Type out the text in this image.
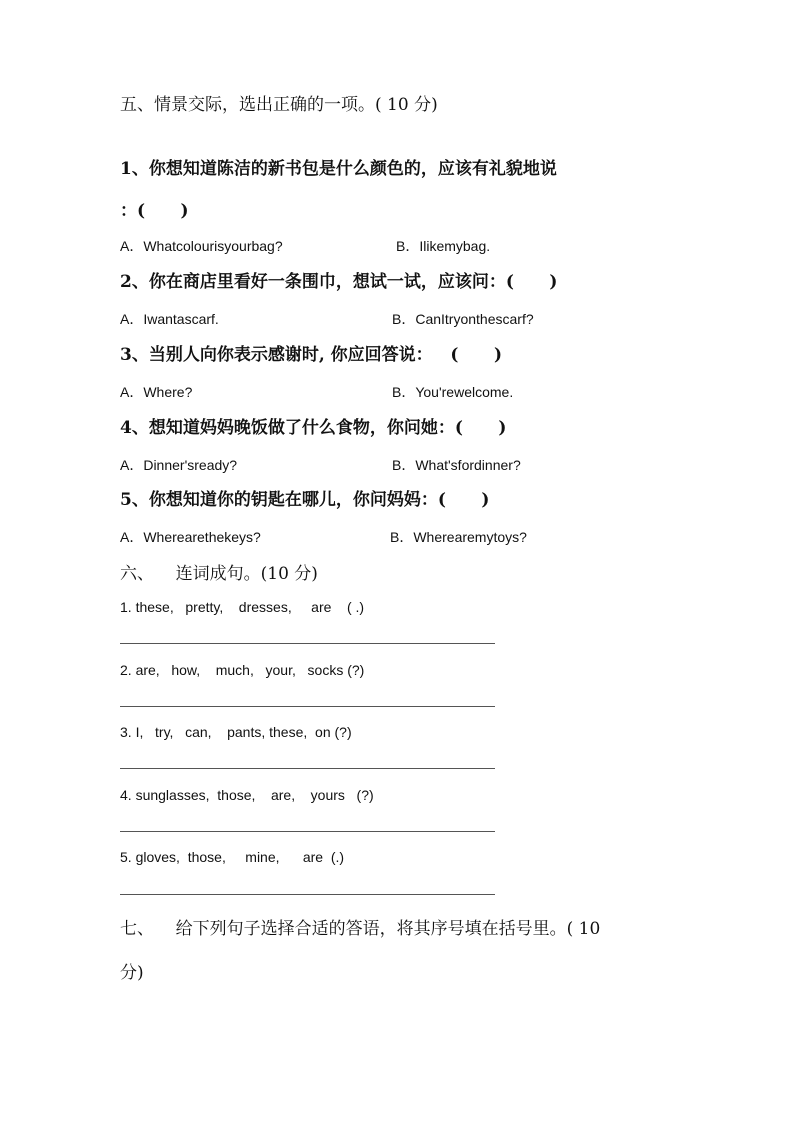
五、情景交际，选出正确的一项。( 10 分)
1、你想知道陈洁的新书包是什么颜色的，应该有礼貌地说
：(      )
A．Whatcolourisyourbag?	B．Ilikemybag.
2、你在商店里看好一条围巾，想试一试，应该问：(      )
A．Iwantascarf.	B．CanItryonthescarf?
3、当别人向你表示感谢时, 你应回答说：   (      )
A．Where?	B．You'rewelcome.
4、想知道妈妈晚饭做了什么食物，你问她：(      )
A．Dinner'sready?	B．What'sfordinner?
5、你想知道你的钥匙在哪儿，你问妈妈：(      )
A．Wherearethekeys?	B．Wherearemytoys?
六、    连词成句。(10 分)
1. these,   pretty,    dresses,     are    ( .)
2. are,   how,    much,   your,   socks (?)
3. I,   try,   can,    pants, these,  on (?)
4. sunglasses,  those,    are,    yours   (?)
5. gloves,  those,     mine,      are  (.)
七、    给下列句子选择合适的答语，将其序号填在括号里。( 10
分)
